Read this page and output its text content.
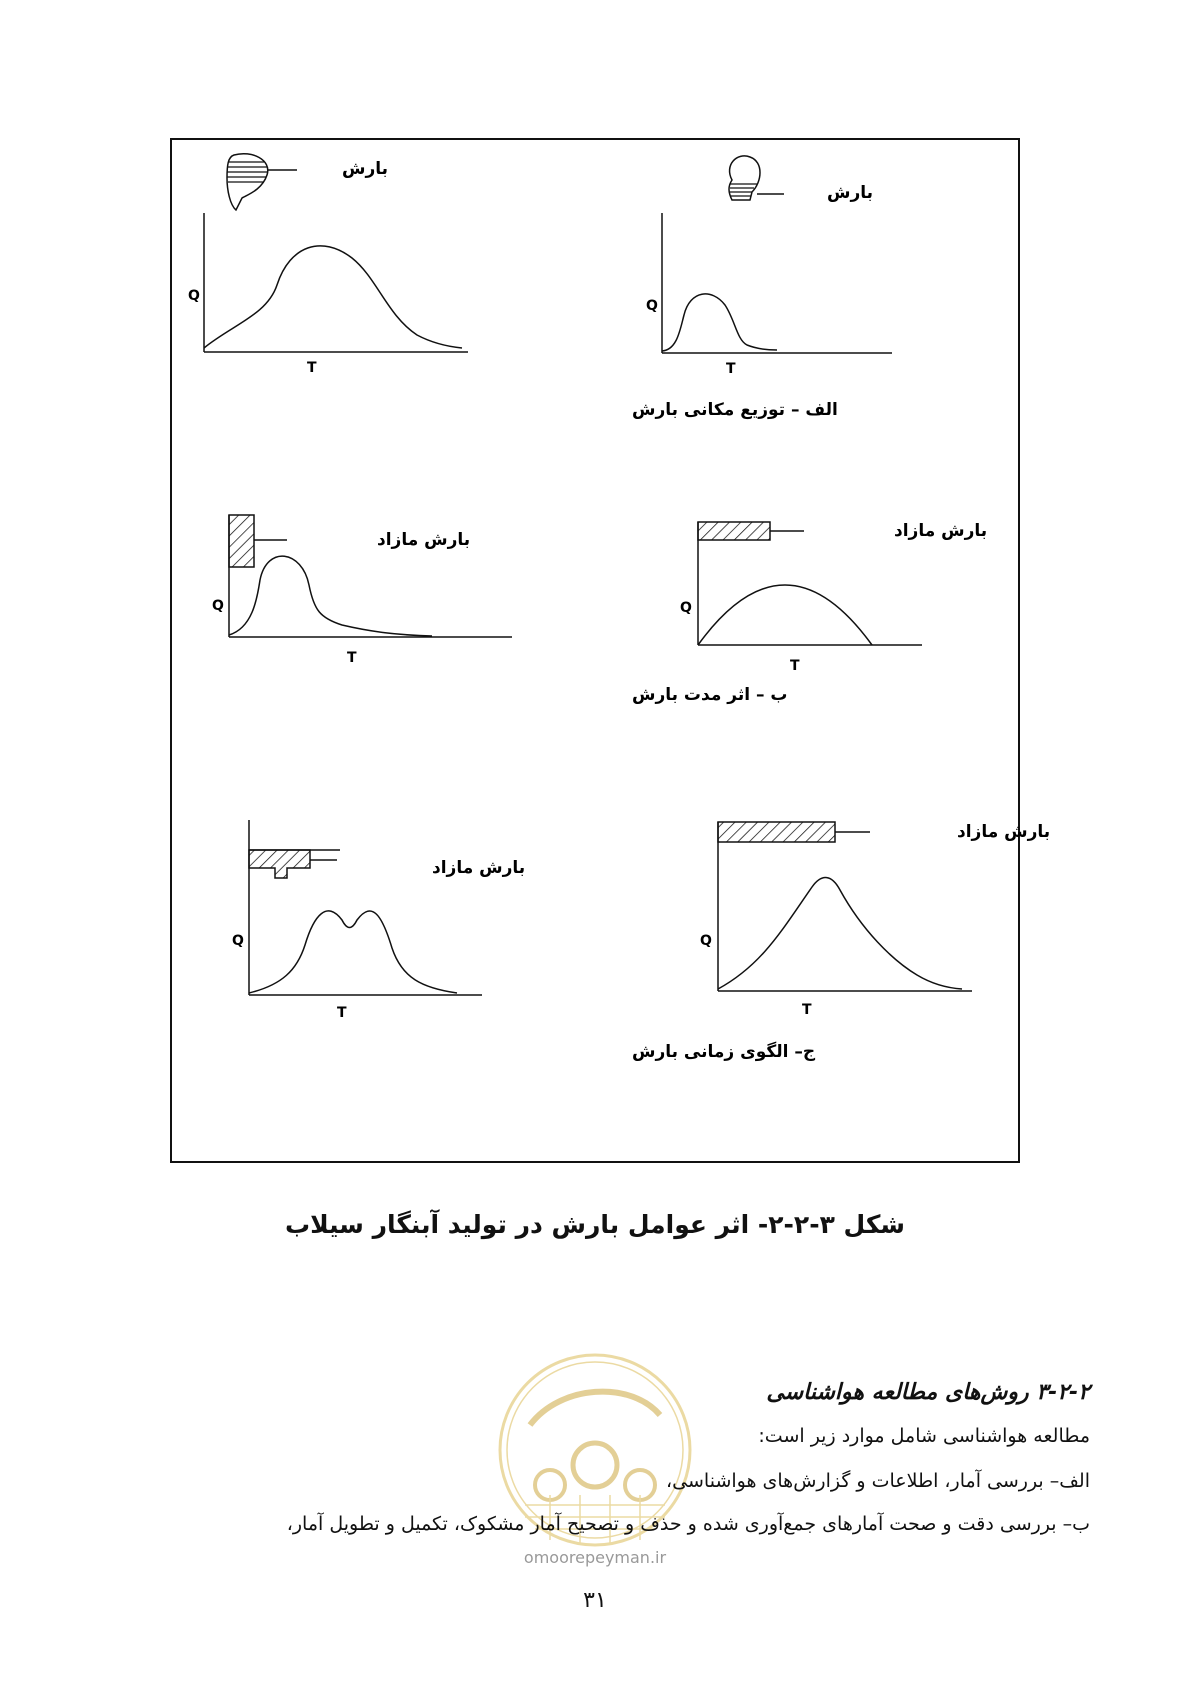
بارش
Q
T
بارش
Q
T
الف – توزیع مکانی بارش
بارش مازاد
Q
T
بارش مازاد
Q
T
ب – اثر مدت بارش
بارش مازاد
Q
T
بارش مازاد
Q
T
ج– الگوی زمانی بارش
شکل ۳-۲-۲- اثر عوامل بارش در تولید آبنگار سیلاب
۳-۲-۲ روش‌های مطالعه هواشناسی
مطالعه هواشناسی شامل موارد زیر است:
الف– بررسی آمار، اطلاعات و گزارش‌های هواشناسی،
ب– بررسی دقت و صحت آمارهای جمع‌آوری شده و حذف و تصحیح آمار مشکوک، تکمیل و تطویل آمار،
omoorepeyman.ir
۳۱
